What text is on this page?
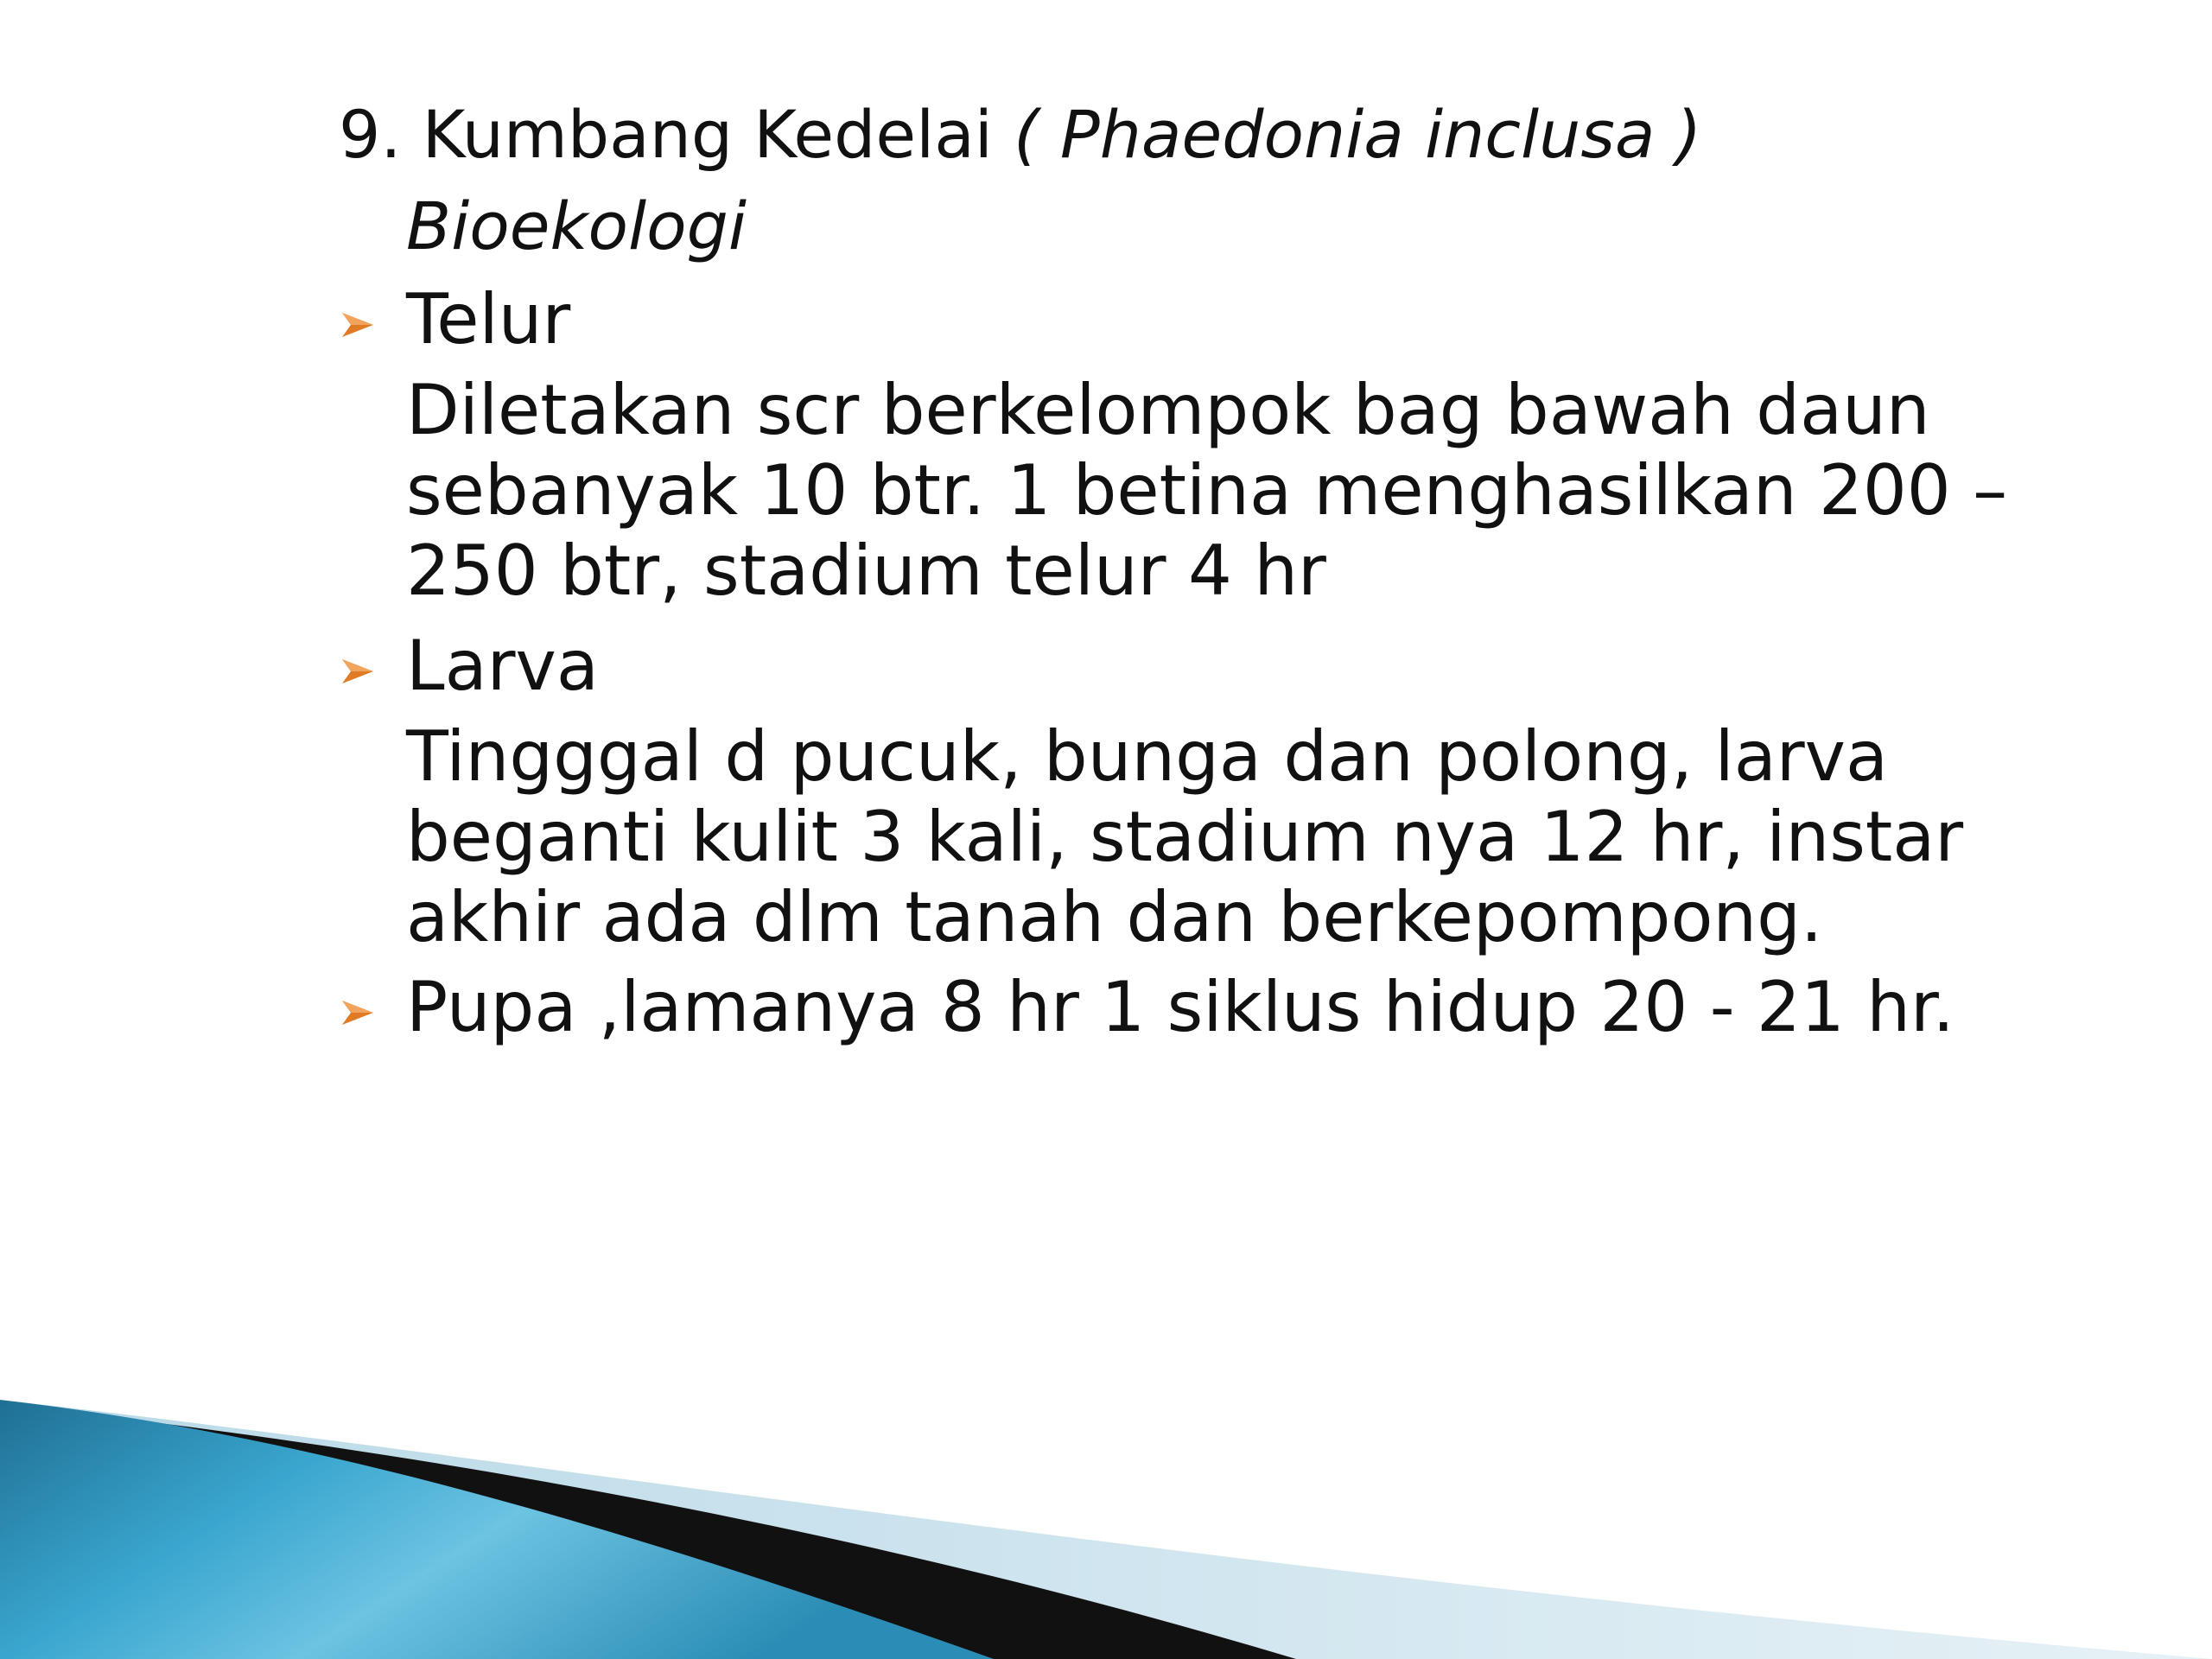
9. Kumbang Kedelai ( Phaedonia inclusa )
Bioekologi
Telur
Diletakan scr berkelompok bag bawah daun sebanyak 10 btr. 1 betina menghasilkan 200 – 250 btr, stadium telur 4 hr
Larva
Tingggal d pucuk, bunga dan polong, larva beganti kulit 3 kali, stadium nya 12 hr, instar akhir ada dlm tanah dan berkepompong.
Pupa ,lamanya 8 hr 1 siklus hidup 20 - 21 hr.
